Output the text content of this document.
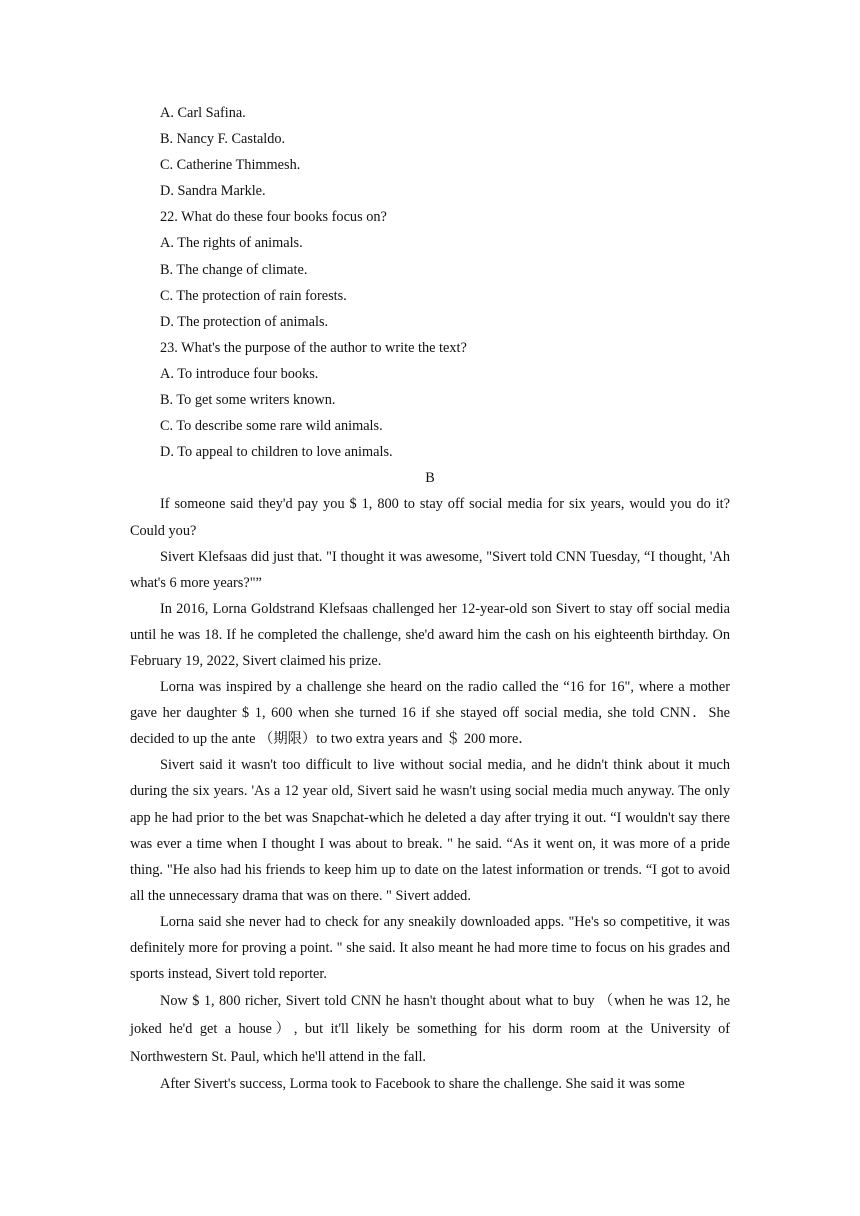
A. Carl Safina.

B. Nancy F. Castaldo.

C. Catherine Thimmesh.

D. Sandra Markle.

22. What do these four books focus on?

A. The rights of animals.

B. The change of climate.

C. The protection of rain forests.

D. The protection of animals.

23. What's the purpose of the author to write the text?

A. To introduce four books.

B. To get some writers known.

C. To describe some rare wild animals.

D. To appeal to children to love animals.

B

If someone said they'd pay you $ 1, 800 to stay off social media for six years, would you do it? Could you?

Sivert Klefsaas did just that. "I thought it was awesome, "Sivert told CNN Tuesday, “I thought, 'Ah what's 6 more years?"”

In 2016, Lorna Goldstrand Klefsaas challenged her 12-year-old son Sivert to stay off social media until he was 18. If he completed the challenge, she'd award him the cash on his eighteenth birthday. On February 19, 2022, Sivert claimed his prize.

Lorna was inspired by a challenge she heard on the radio called the “16 for 16", where a mother gave her daughter $ 1, 600 when she turned 16 if she stayed off social media, she told CNN．She decided to up the ante （期限）to two extra years and ＄ 200 more．

Sivert said it wasn't too difficult to live without social media, and he didn't think about it much during the six years. 'As a 12 year old, Sivert said he wasn't using social media much anyway. The only app he had prior to the bet was Snapchat-which he deleted a day after trying it out. “I wouldn't say there was ever a time when I thought I was about to break. " he said. “As it went on, it was more of a pride thing. "He also had his friends to keep him up to date on the latest information or trends. “I got to avoid all the unnecessary drama that was on there. " Sivert added.

Lorna said she never had to check for any sneakily downloaded apps. "He's so competitive, it was definitely more for proving a point. " she said. It also meant he had more time to focus on his grades and sports instead, Sivert told reporter.

Now $ 1, 800 richer, Sivert told CNN he hasn't thought about what to buy （when he was 12, he joked he'd get a house）, but it'll likely be something for his dorm room at the University of Northwestern St. Paul, which he'll attend in the fall.

After Sivert's success, Lorma took to Facebook to share the challenge. She said it was some
